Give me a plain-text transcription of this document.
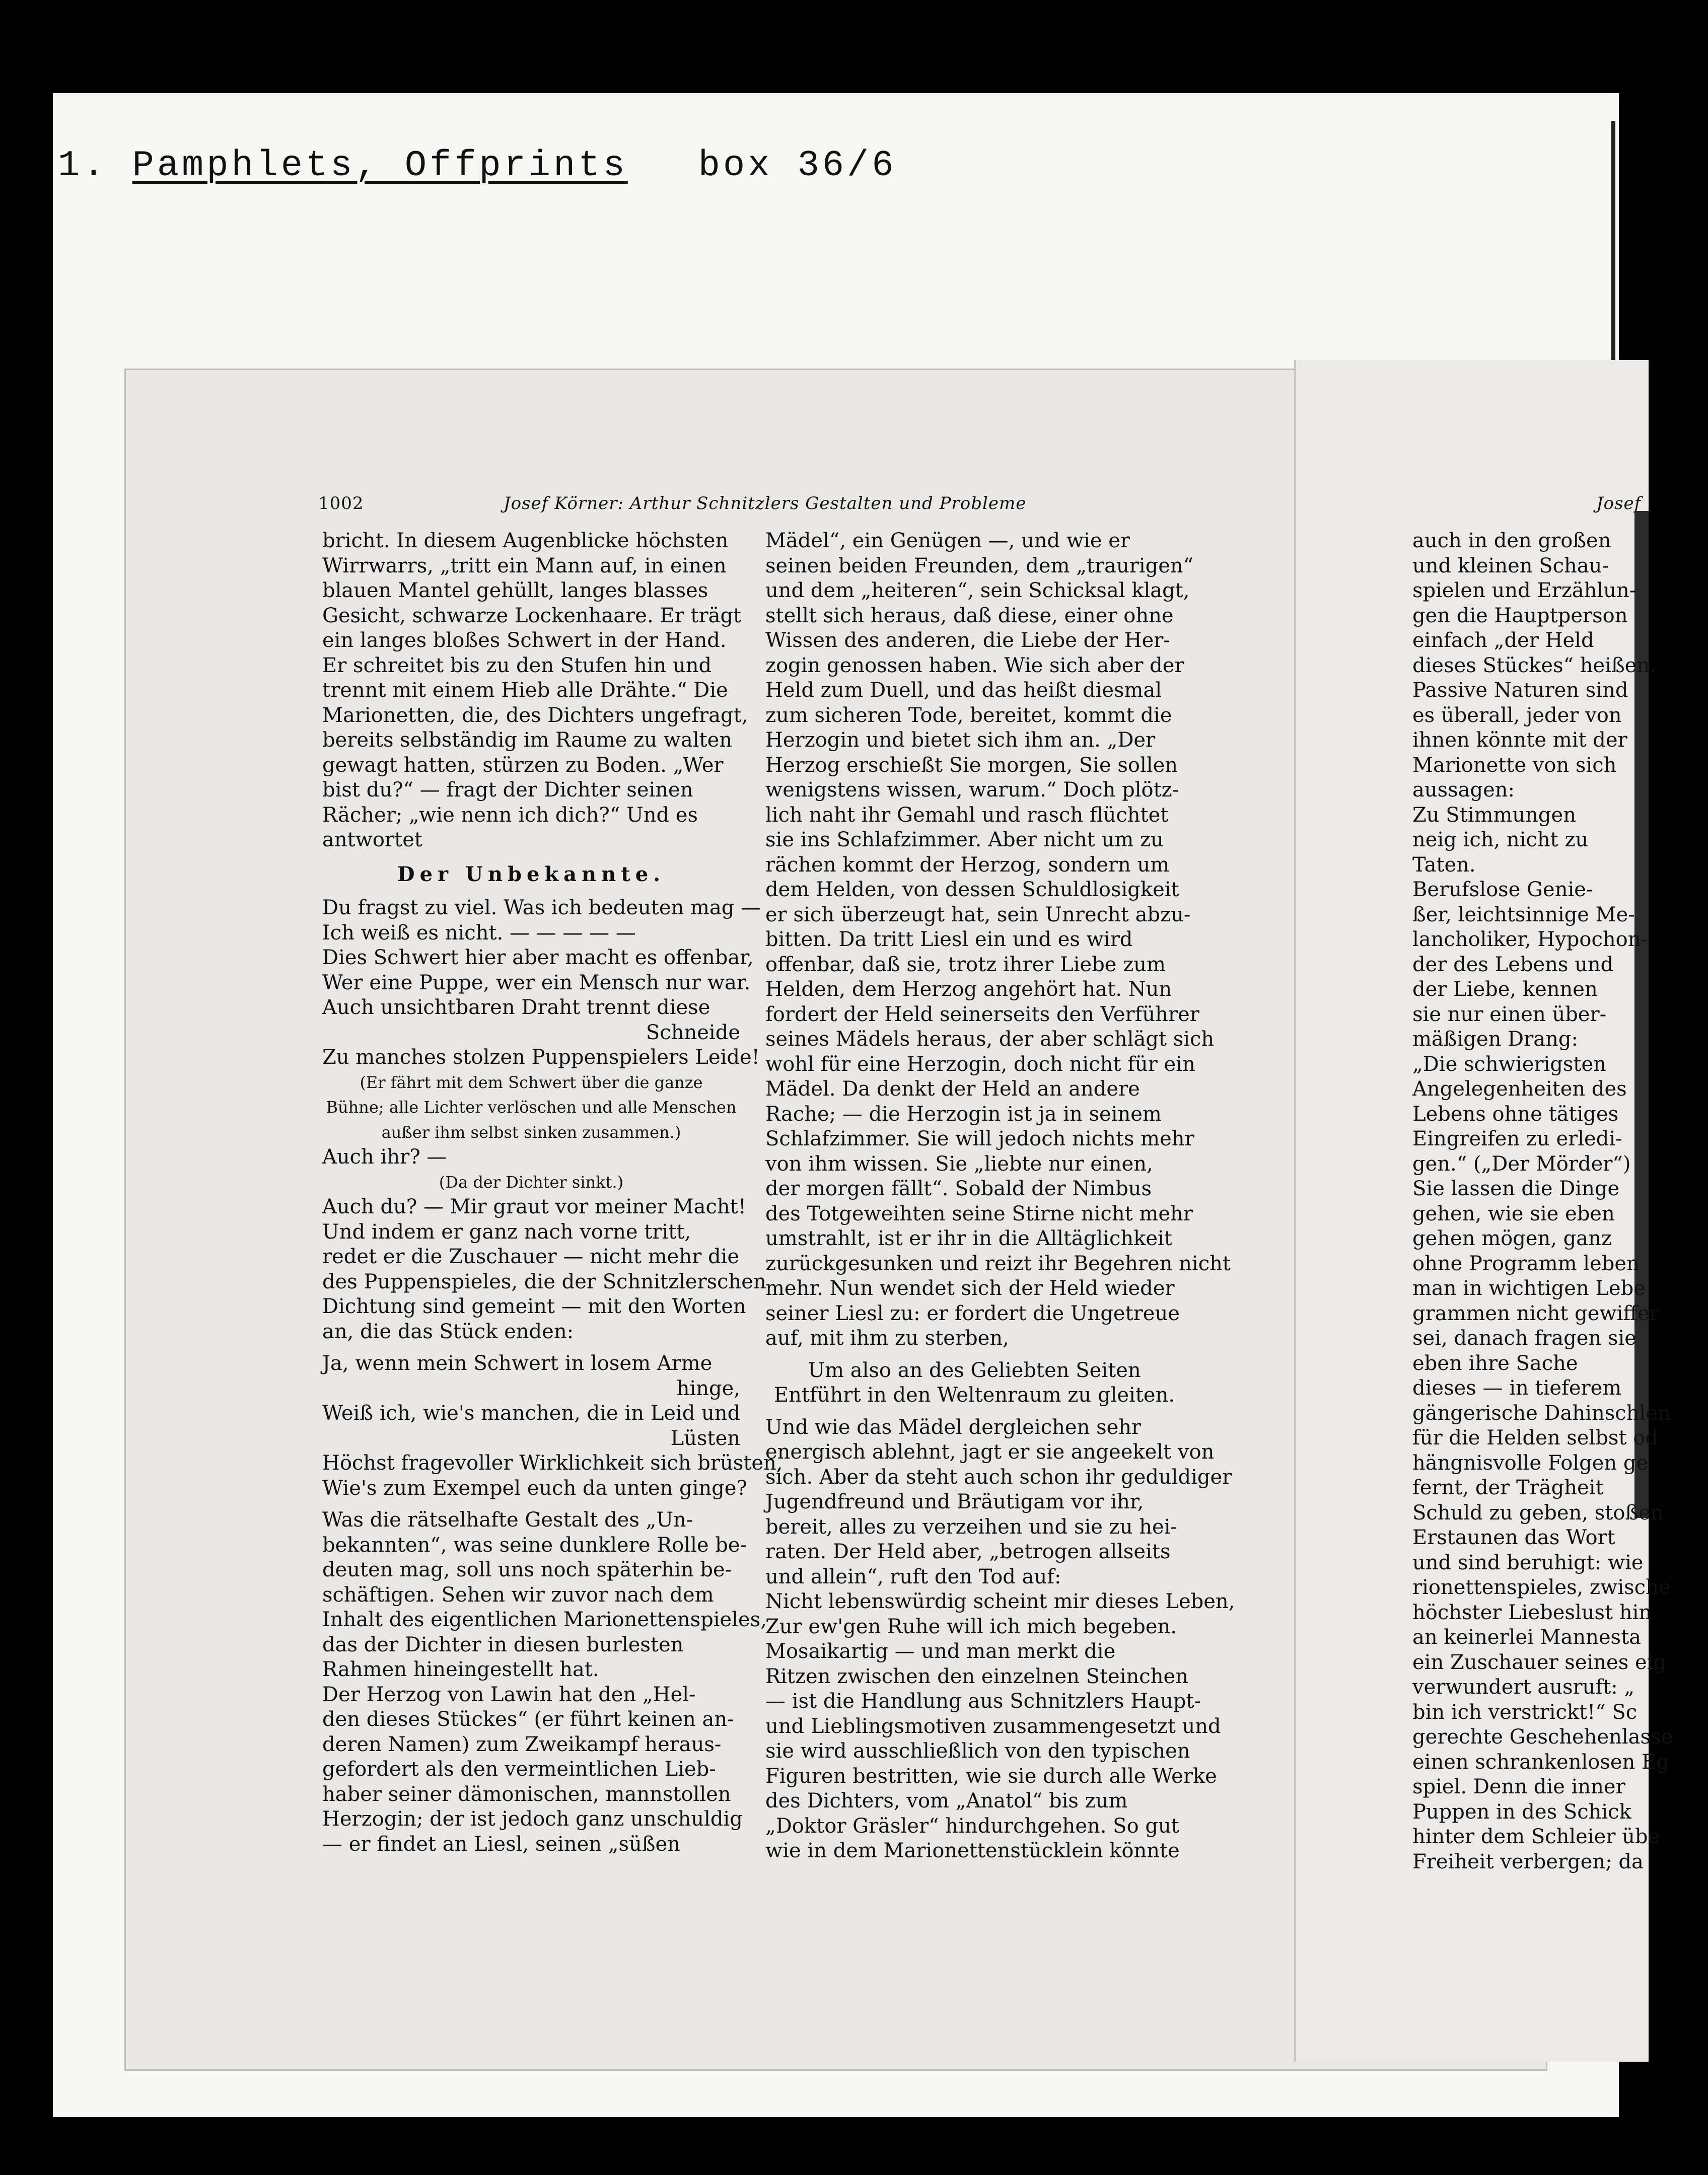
1. Pamphlets, Offprints box 36/6
1002	Josef Körner: Arthur Schnitzlers Gestalten und Probleme	Josef
bricht. In diesem Augenblicke höchsten
Wirrwarrs, „tritt ein Mann auf, in einen
blauen Mantel gehüllt, langes blasses
Gesicht, schwarze Lockenhaare. Er trägt
ein langes bloßes Schwert in der Hand.
Er schreitet bis zu den Stufen hin und
trennt mit einem Hieb alle Drähte.“ Die
Marionetten, die, des Dichters ungefragt,
bereits selbständig im Raume zu walten
gewagt hatten, stürzen zu Boden. „Wer
bist du?“ — fragt der Dichter seinen
Rächer; „wie nenn ich dich?“ Und es
antwortet
Der Unbekannte.
Du fragst zu viel. Was ich bedeuten mag —
Ich weiß es nicht. — — — — —
Dies Schwert hier aber macht es offenbar,
Wer eine Puppe, wer ein Mensch nur war.
Auch unsichtbaren Draht trennt diese
Schneide
Zu manches stolzen Puppenspielers Leide!
(Er fährt mit dem Schwert über die ganze
Bühne; alle Lichter verlöschen und alle Menschen
außer ihm selbst sinken zusammen.)
Auch ihr? —
(Da der Dichter sinkt.)
Auch du? — Mir graut vor meiner Macht!
Und indem er ganz nach vorne tritt,
redet er die Zuschauer — nicht mehr die
des Puppenspieles, die der Schnitzlerschen
Dichtung sind gemeint — mit den Worten
an, die das Stück enden:
Ja, wenn mein Schwert in losem Arme
hinge,
Weiß ich, wie's manchen, die in Leid und
Lüsten
Höchst fragevoller Wirklichkeit sich brüsten,
Wie's zum Exempel euch da unten ginge?
Was die rätselhafte Gestalt des „Un-
bekannten“, was seine dunklere Rolle be-
deuten mag, soll uns noch späterhin be-
schäftigen. Sehen wir zuvor nach dem
Inhalt des eigentlichen Marionettenspieles,
das der Dichter in diesen burlesten
Rahmen hineingestellt hat.
Der Herzog von Lawin hat den „Hel-
den dieses Stückes“ (er führt keinen an-
deren Namen) zum Zweikampf heraus-
gefordert als den vermeintlichen Lieb-
haber seiner dämonischen, mannstollen
Herzogin; der ist jedoch ganz unschuldig
— er findet an Liesl, seinen „süßen
Mädel“, ein Genügen —, und wie er
seinen beiden Freunden, dem „traurigen“
und dem „heiteren“, sein Schicksal klagt,
stellt sich heraus, daß diese, einer ohne
Wissen des anderen, die Liebe der Her-
zogin genossen haben. Wie sich aber der
Held zum Duell, und das heißt diesmal
zum sicheren Tode, bereitet, kommt die
Herzogin und bietet sich ihm an. „Der
Herzog erschießt Sie morgen, Sie sollen
wenigstens wissen, warum.“ Doch plötz-
lich naht ihr Gemahl und rasch flüchtet
sie ins Schlafzimmer. Aber nicht um zu
rächen kommt der Herzog, sondern um
dem Helden, von dessen Schuldlosigkeit
er sich überzeugt hat, sein Unrecht abzu-
bitten. Da tritt Liesl ein und es wird
offenbar, daß sie, trotz ihrer Liebe zum
Helden, dem Herzog angehört hat. Nun
fordert der Held seinerseits den Verführer
seines Mädels heraus, der aber schlägt sich
wohl für eine Herzogin, doch nicht für ein
Mädel. Da denkt der Held an andere
Rache; — die Herzogin ist ja in seinem
Schlafzimmer. Sie will jedoch nichts mehr
von ihm wissen. Sie „liebte nur einen,
der morgen fällt“. Sobald der Nimbus
des Totgeweihten seine Stirne nicht mehr
umstrahlt, ist er ihr in die Alltäglichkeit
zurückgesunken und reizt ihr Begehren nicht
mehr. Nun wendet sich der Held wieder
seiner Liesl zu: er fordert die Ungetreue
auf, mit ihm zu sterben,
Um also an des Geliebten Seiten
Entführt in den Weltenraum zu gleiten.
Und wie das Mädel dergleichen sehr
energisch ablehnt, jagt er sie angeekelt von
sich. Aber da steht auch schon ihr geduldiger
Jugendfreund und Bräutigam vor ihr,
bereit, alles zu verzeihen und sie zu hei-
raten. Der Held aber, „betrogen allseits
und allein“, ruft den Tod auf:
Nicht lebenswürdig scheint mir dieses Leben,
Zur ew'gen Ruhe will ich mich begeben.
Mosaikartig — und man merkt die
Ritzen zwischen den einzelnen Steinchen
— ist die Handlung aus Schnitzlers Haupt-
und Lieblingsmotiven zusammengesetzt und
sie wird ausschließlich von den typischen
Figuren bestritten, wie sie durch alle Werke
des Dichters, vom „Anatol“ bis zum
„Doktor Gräsler“ hindurchgehen. So gut
wie in dem Marionettenstücklein könnte
auch in den großen
und kleinen Schau-
spielen und Erzählun-
gen die Hauptperson
einfach „der Held
dieses Stückes“ heißen.
Passive Naturen sind
es überall, jeder von
ihnen könnte mit der
Marionette von sich
aussagen:
Zu Stimmungen
neig ich, nicht zu
Taten.
Berufslose Genie-
ßer, leichtsinnige Me-
lancholiker, Hypochon-
der des Lebens und
der Liebe, kennen
sie nur einen über-
mäßigen Drang:
„Die schwierigsten
Angelegenheiten des
Lebens ohne tätiges
Eingreifen zu erledi-
gen.“ („Der Mörder“)
Sie lassen die Dinge
gehen, wie sie eben
gehen mögen, ganz
ohne Programm leben
man in wichtigen Lebe
grammen nicht gewiffer
sei, danach fragen sie
eben ihre Sache
dieses — in tieferem
gängerische Dahinschlen
für die Helden selbst od
hängnisvolle Folgen ge
fernt, der Trägheit
Schuld zu geben, stoßen
Erstaunen das Wort
und sind beruhigt: wie
rionettenspieles, zwische
höchster Liebeslust hin
an keinerlei Mannesta
ein Zuschauer seines eig
verwundert ausruft: „
bin ich verstrickt!“ Sc
gerechte Geschehenlasse
einen schrankenlosen Eg
spiel. Denn die inner
Puppen in des Schick
hinter dem Schleier übe
Freiheit verbergen; da
